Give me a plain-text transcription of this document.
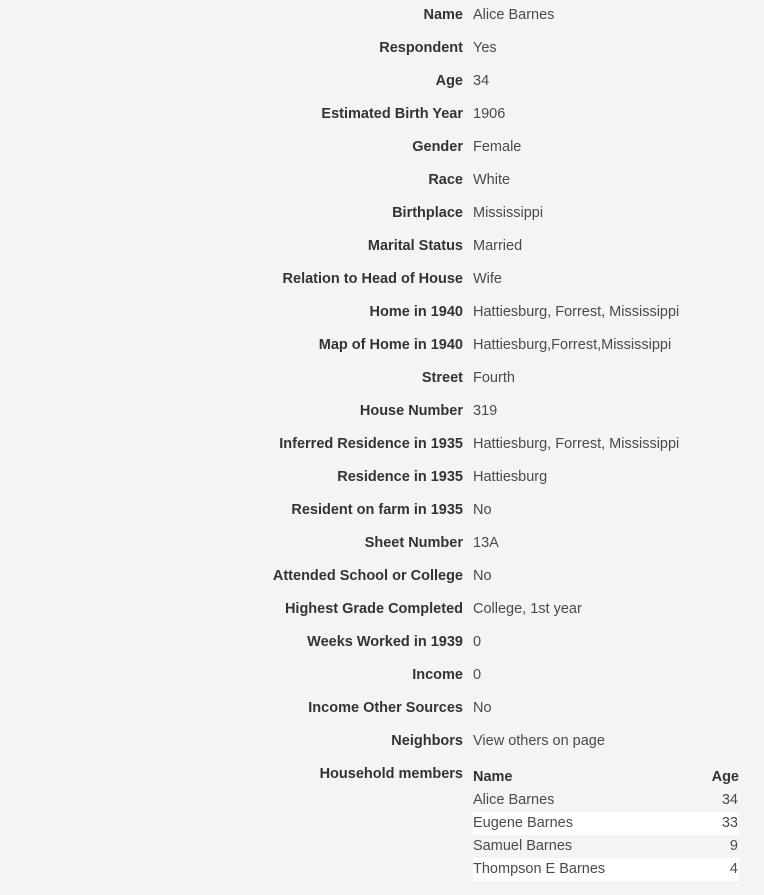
Name Alice Barnes
Respondent Yes
Age 34
Estimated Birth Year 1906
Gender Female
Race White
Birthplace Mississippi
Marital Status Married
Relation to Head of House Wife
Home in 1940 Hattiesburg, Forrest, Mississippi
Map of Home in 1940 Hattiesburg,Forrest,Mississippi
Street Fourth
House Number 319
Inferred Residence in 1935 Hattiesburg, Forrest, Mississippi
Residence in 1935 Hattiesburg
Resident on farm in 1935 No
Sheet Number 13A
Attended School or College No
Highest Grade Completed College, 1st year
Weeks Worked in 1939 0
Income 0
Income Other Sources No
Neighbors View others on page
Household members Name	Age
Alice Barnes	34
Eugene Barnes	33
Samuel Barnes	9
Thompson E Barnes	4
